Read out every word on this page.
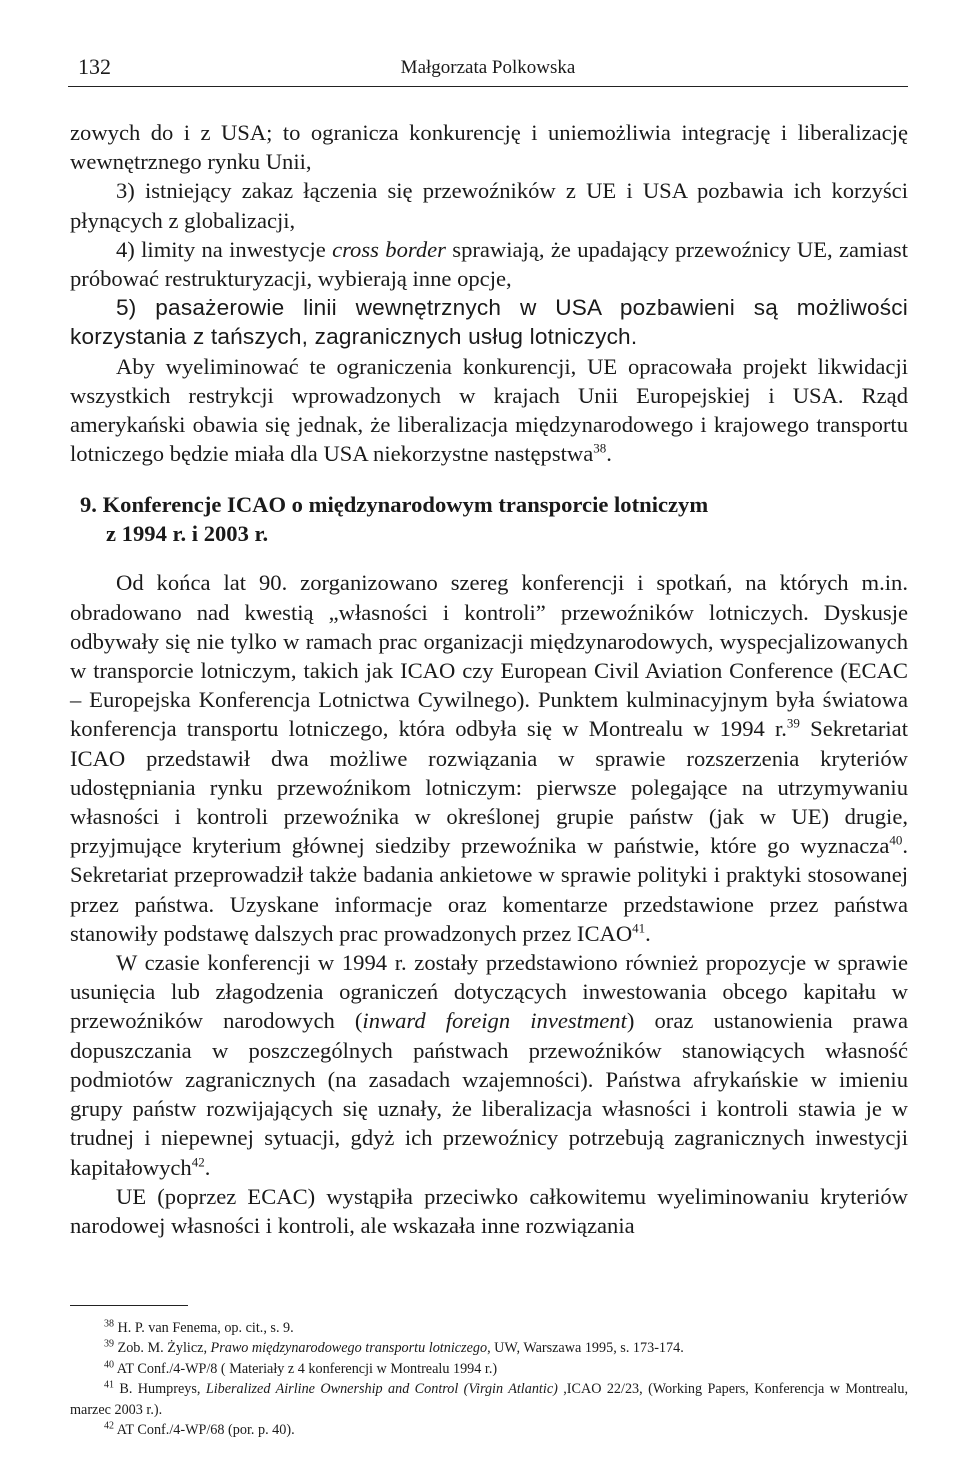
132	Małgorzata Polkowska

zowych do i z USA; to ogranicza konkurencję i uniemożliwia integrację i liberalizację wewnętrznego rynku Unii,

3) istniejący zakaz łączenia się przewoźników z UE i USA pozbawia ich korzyści płynących z globalizacji,

4) limity na inwestycje cross border sprawiają, że upadający przewoźnicy UE, zamiast próbować restrukturyzacji, wybierają inne opcje,

5) pasażerowie linii wewnętrznych w USA pozbawieni są możliwości korzystania z tańszych, zagranicznych usług lotniczych.

Aby wyeliminować te ograniczenia konkurencji, UE opracowała projekt likwidacji wszystkich restrykcji wprowadzonych w krajach Unii Europejskiej i USA. Rząd amerykański obawia się jednak, że liberalizacja międzynarodowego i krajowego transportu lotniczego będzie miała dla USA niekorzystne następstwa$^{38}$.

9. Konferencje ICAO o międzynarodowym transporcie lotniczym
z 1994 r. i 2003 r.

Od końca lat 90. zorganizowano szereg konferencji i spotkań, na których m.in. obradowano nad kwestią „własności i kontroli” przewoźników lotniczych. Dyskusje odbywały się nie tylko w ramach prac organizacji międzynarodowych, wyspecjalizowanych w transporcie lotniczym, takich jak ICAO czy European Civil Aviation Conference (ECAC – Europejska Konferencja Lotnictwa Cywilnego). Punktem kulminacyjnym była światowa konferencja transportu lotniczego, która odbyła się w Montrealu w 1994 r.$^{39}$ Sekretariat ICAO przedstawił dwa możliwe rozwiązania w sprawie rozszerzenia kryteriów udostępniania rynku przewoźnikom lotniczym: pierwsze polegające na utrzymywaniu własności i kontroli przewoźnika w określonej grupie państw (jak w UE) drugie, przyjmujące kryterium głównej siedziby przewoźnika w państwie, które go wyznacza$^{40}$. Sekretariat przeprowadził także badania ankietowe w sprawie polityki i praktyki stosowanej przez państwa. Uzyskane informacje oraz komentarze przedstawione przez państwa stanowiły podstawę dalszych prac prowadzonych przez ICAO$^{41}$.

W czasie konferencji w 1994 r. zostały przedstawiono również propozycje w sprawie usunięcia lub złagodzenia ograniczeń dotyczących inwestowania obcego kapitału w przewoźników narodowych (inward foreign investment) oraz ustanowienia prawa dopuszczania w poszczególnych państwach przewoźników stanowiących własność podmiotów zagranicznych (na zasadach wzajemności). Państwa afrykańskie w imieniu grupy państw rozwijających się uznały, że liberalizacja własności i kontroli stawia je w trudnej i niepewnej sytuacji, gdyż ich przewoźnicy potrzebują zagranicznych inwestycji kapitałowych$^{42}$.

UE (poprzez ECAC) wystąpiła przeciwko całkowitemu wyeliminowaniu kryteriów narodowej własności i kontroli, ale wskazała inne rozwiązania

$^{38}$ H. P. van Fenema, op. cit., s. 9.

$^{39}$ Zob. M. Żylicz, Prawo międzynarodowego transportu lotniczego, UW, Warszawa 1995, s. 173-174.

$^{40}$ AT Conf./4-WP/8 ( Materiały z 4 konferencji w Montrealu 1994 r.)

$^{41}$ B. Humpreys, Liberalized Airline Ownership and Control (Virgin Atlantic) ,ICAO 22/23, (Working Papers, Konferencja w Montrealu, marzec 2003 r.).

$^{42}$ AT Conf./4-WP/68 (por. p. 40).
